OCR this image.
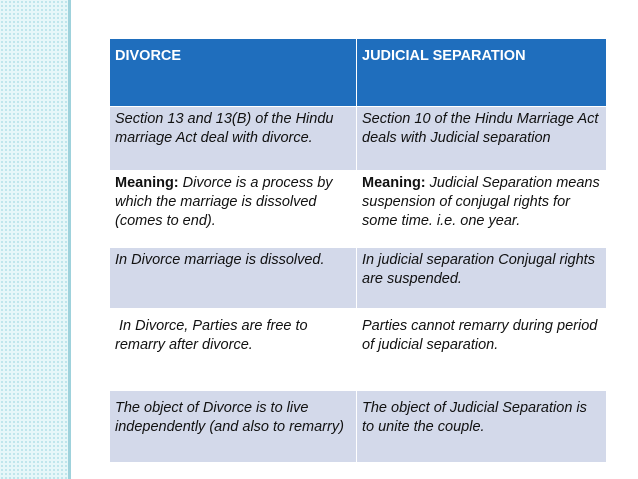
DIVORCE	JUDICIAL SEPARATION
Section 13 and 13(B) of the Hindu marriage Act deal with divorce.	Section 10 of the Hindu Marriage Act deals with Judicial separation
Meaning: Divorce is a process by which the marriage is dissolved (comes to end).	Meaning: Judicial Separation means suspension of conjugal rights for some time. i.e. one year.
In Divorce marriage is dissolved.	In judicial separation Conjugal rights are suspended.
In Divorce, Parties are free to remarry after divorce.	Parties cannot remarry during period of judicial separation.
The object of Divorce is to live independently (and also to remarry)	The object of Judicial Separation is to unite the couple.
